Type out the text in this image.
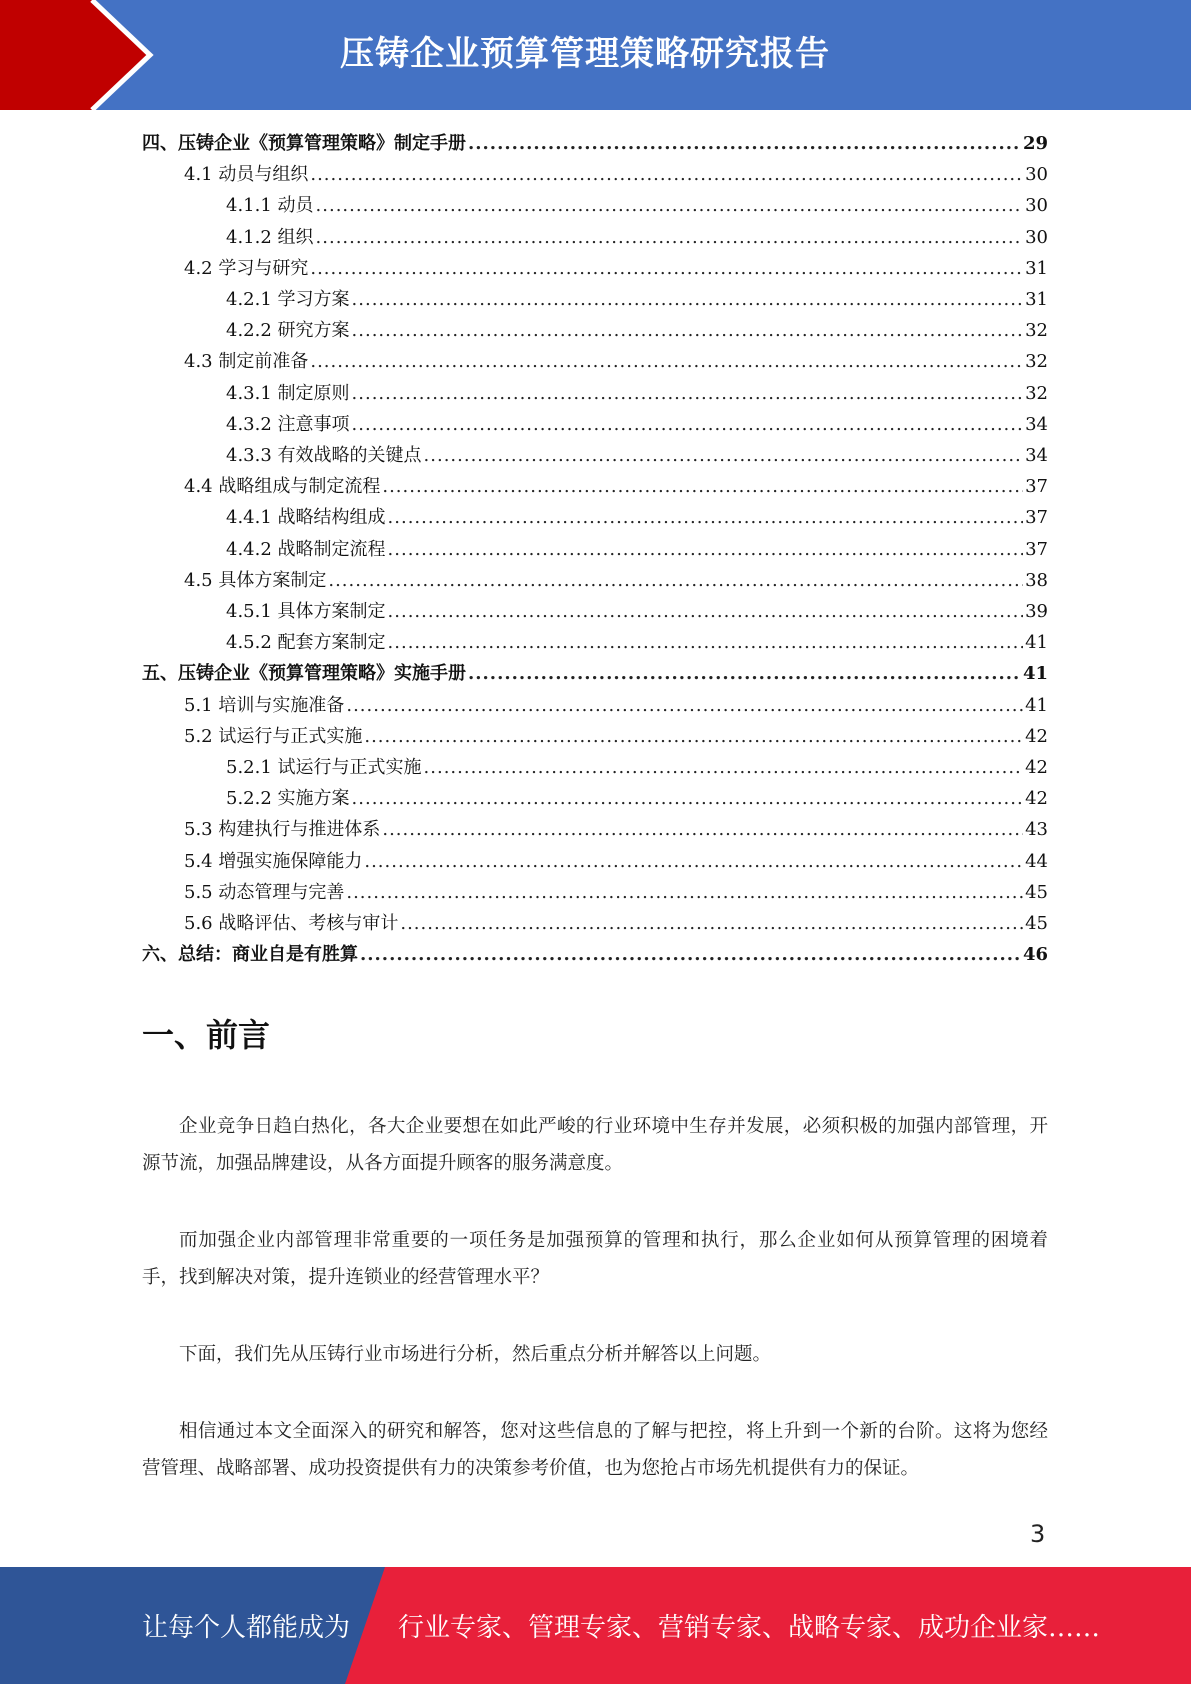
压铸企业预算管理策略研究报告
四、压铸企业《预算管理策略》制定手册 .....	29
4.1 动员与组织 .....	30
4.1.1 动员 .....	30
4.1.2 组织 .....	30
4.2 学习与研究 .....	31
4.2.1 学习方案 .....	31
4.2.2 研究方案 .....	32
4.3 制定前准备 .....	32
4.3.1 制定原则 .....	32
4.3.2 注意事项 .....	34
4.3.3 有效战略的关键点 .....	34
4.4 战略组成与制定流程 .....	37
4.4.1 战略结构组成 .....	37
4.4.2 战略制定流程 .....	37
4.5 具体方案制定 .....	38
4.5.1 具体方案制定 .....	39
4.5.2 配套方案制定 .....	41
五、压铸企业《预算管理策略》实施手册 .....	41
5.1 培训与实施准备 .....	41
5.2 试运行与正式实施 .....	42
5.2.1 试运行与正式实施 .....	42
5.2.2 实施方案 .....	42
5.3 构建执行与推进体系 .....	43
5.4 增强实施保障能力 .....	44
5.5 动态管理与完善 .....	45
5.6 战略评估、考核与审计 .....	45
六、总结：商业自是有胜算 .....	46
一、前言
企业竞争日趋白热化，各大企业要想在如此严峻的行业环境中生存并发展，必须积极的加强内部管理，开源节流，加强品牌建设，从各方面提升顾客的服务满意度。
而加强企业内部管理非常重要的一项任务是加强预算的管理和执行，那么企业如何从预算管理的困境着手，找到解决对策，提升连锁业的经营管理水平？
下面，我们先从压铸行业市场进行分析，然后重点分析并解答以上问题。
相信通过本文全面深入的研究和解答，您对这些信息的了解与把控，将上升到一个新的台阶。这将为您经营管理、战略部署、成功投资提供有力的决策参考价值，也为您抢占市场先机提供有力的保证。
3
让每个人都能成为 行业专家、管理专家、营销专家、战略专家、成功企业家……
